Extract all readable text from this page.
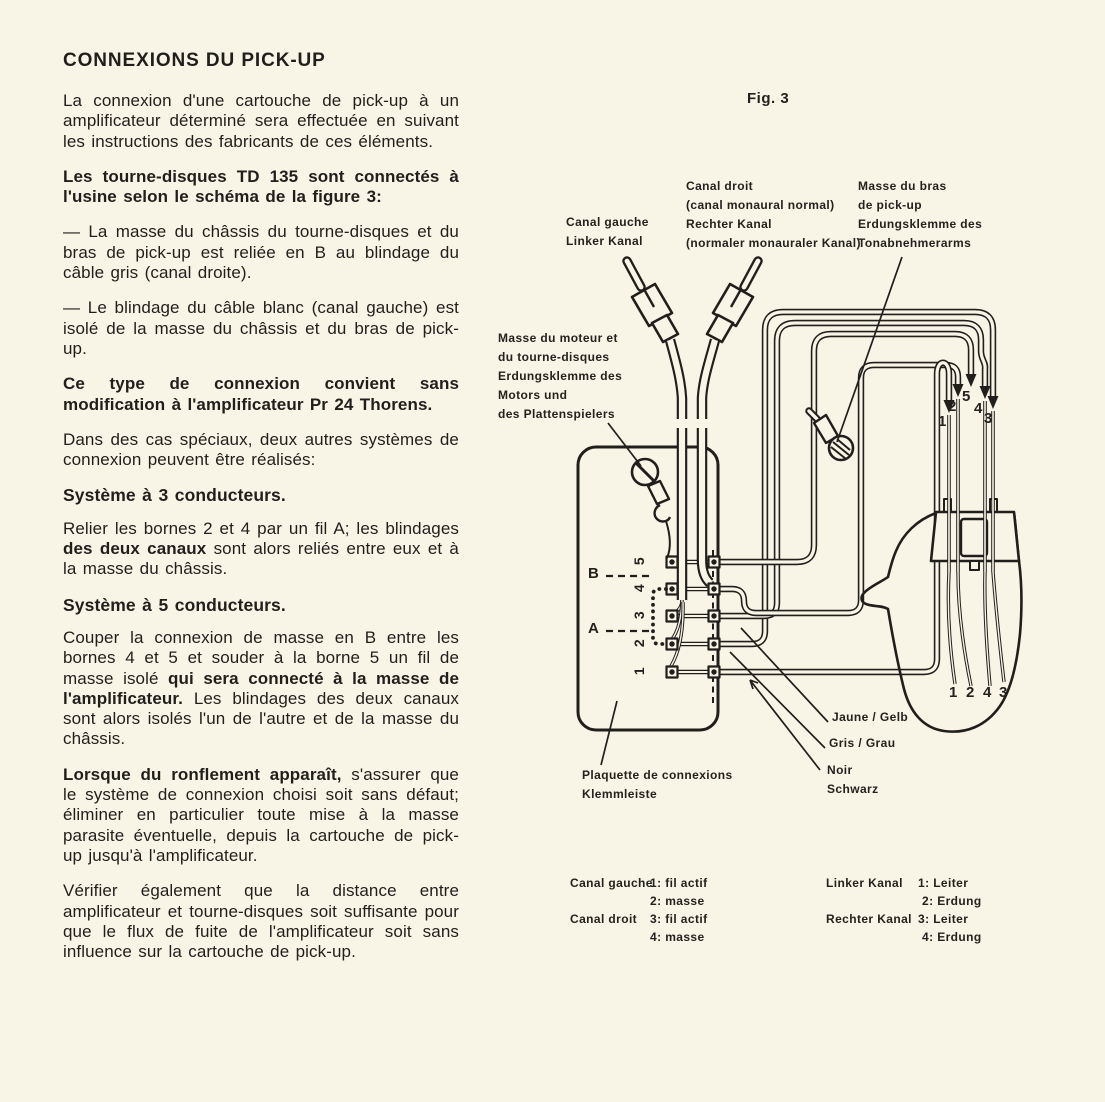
CONNEXIONS DU PICK-UP

La connexion d'une cartouche de pick-up à un amplificateur déterminé sera effectuée en suivant les instructions des fabricants de ces éléments.

Les tourne-disques TD 135 sont connectés à l'usine selon le schéma de la figure 3:

— La masse du châssis du tourne-disques et du bras de pick-up est reliée en B au blindage du câble gris (canal droite).

— Le blindage du câble blanc (canal gauche) est isolé de la masse du châssis et du bras de pick-up.

Ce type de connexion convient sans modification à l'amplificateur Pr 24 Thorens.

Dans des cas spéciaux, deux autres systèmes de connexion peuvent être réalisés:

Système à 3 conducteurs.

Relier les bornes 2 et 4 par un fil A; les blindages des deux canaux sont alors reliés entre eux et à la masse du châssis.

Système à 5 conducteurs.

Couper la connexion de masse en B entre les bornes 4 et 5 et souder à la borne 5 un fil de masse isolé qui sera connecté à la masse de l'amplificateur. Les blindages des deux canaux sont alors isolés l'un de l'autre et de la masse du châssis.

Lorsque du ronflement apparaît, s'assurer que le système de connexion choisi soit sans défaut; éliminer en particulier toute mise à la masse parasite éventuelle, depuis la cartouche de pick-up jusqu'à l'amplificateur.

Vérifier également que la distance entre amplificateur et tourne-disques soit suffisante pour que le flux de fuite de l'amplificateur soit sans influence sur la cartouche de pick-up.

Fig. 3
Canal gauche
Linker Kanal
Canal droit
(canal monaural normal)
Rechter Kanal
(normaler monauraler Kanal)
Masse du bras
de pick-up
Erdungsklemme des
Tonabnehmerarms
Masse du moteur et
du tourne-disques
Erdungsklemme des
Motors und
des Plattenspielers
B
A
5
4
3
2
1
1
2
5
4
3
1 2 4 3
Jaune / Gelb
Gris / Grau
Noir
Schwarz
Plaquette de connexions
Klemmleiste
Canal gauche
1: fil actif
2: masse
Canal droit 3: fil actif
4: masse
Linker Kanal 1: Leiter
2: Erdung
Rechter Kanal 3: Leiter
4: Erdung
